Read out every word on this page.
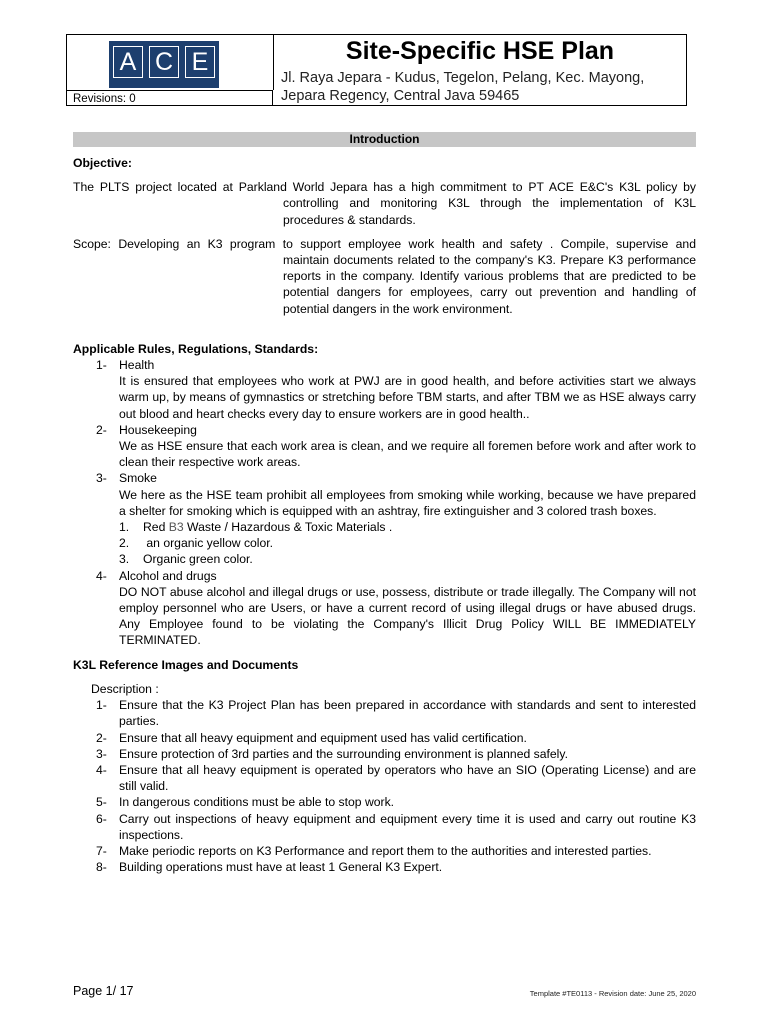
A C E
Revisions: 0
Site-Specific HSE Plan
Jl. Raya Jepara - Kudus, Tegelon, Pelang, Kec. Mayong,
Jepara Regency, Central Java 59465
Introduction

Objective:

The PLTS project located at Parkland World Jepara has a high commitment to PT ACE E&C's K3L policy by
controlling and monitoring K3L through the implementation of K3L procedures & standards.

Scope: Developing an K3 program to support employee work health and safety . Compile, supervise and
maintain documents related to the company's K3. Prepare K3 performance reports in the company. Identify various problems that are predicted to be potential dangers for employees, carry out prevention and handling of potential dangers in the work environment.

Applicable Rules, Regulations, Standards:

1- Health
It is ensured that employees who work at PWJ are in good health, and before activities start we always warm up, by means of gymnastics or stretching before TBM starts, and after TBM we as HSE always carry out blood and heart checks every day to ensure workers are in good health..
2- Housekeeping
We as HSE ensure that each work area is clean, and we require all foremen before work and after work to clean their respective work areas.
3- Smoke
We here as the HSE team prohibit all employees from smoking while working, because we have prepared a shelter for smoking which is equipped with an ashtray, fire extinguisher and 3 colored trash boxes.
1.	Red B3 Waste / Hazardous & Toxic Materials .
2.	an organic yellow color.
3.	Organic green color.
4- Alcohol and drugs
DO NOT abuse alcohol and illegal drugs or use, possess, distribute or trade illegally. The Company will not employ personnel who are Users, or have a current record of using illegal drugs or have abused drugs. Any Employee found to be violating the Company's Illicit Drug Policy WILL BE IMMEDIATELY TERMINATED.

K3L Reference Images and Documents

Description :

1- Ensure that the K3 Project Plan has been prepared in accordance with standards and sent to interested parties.
2- Ensure that all heavy equipment and equipment used has valid certification.
3- Ensure protection of 3rd parties and the surrounding environment is planned safely.
4- Ensure that all heavy equipment is operated by operators who have an SIO (Operating License) and are still valid.
5- In dangerous conditions must be able to stop work.
6- Carry out inspections of heavy equipment and equipment every time it is used and carry out routine K3 inspections.
7- Make periodic reports on K3 Performance and report them to the authorities and interested parties.
8- Building operations must have at least 1 General K3 Expert.
Page 1/ 17	Template #TE0113 - Revision date: June 25, 2020
